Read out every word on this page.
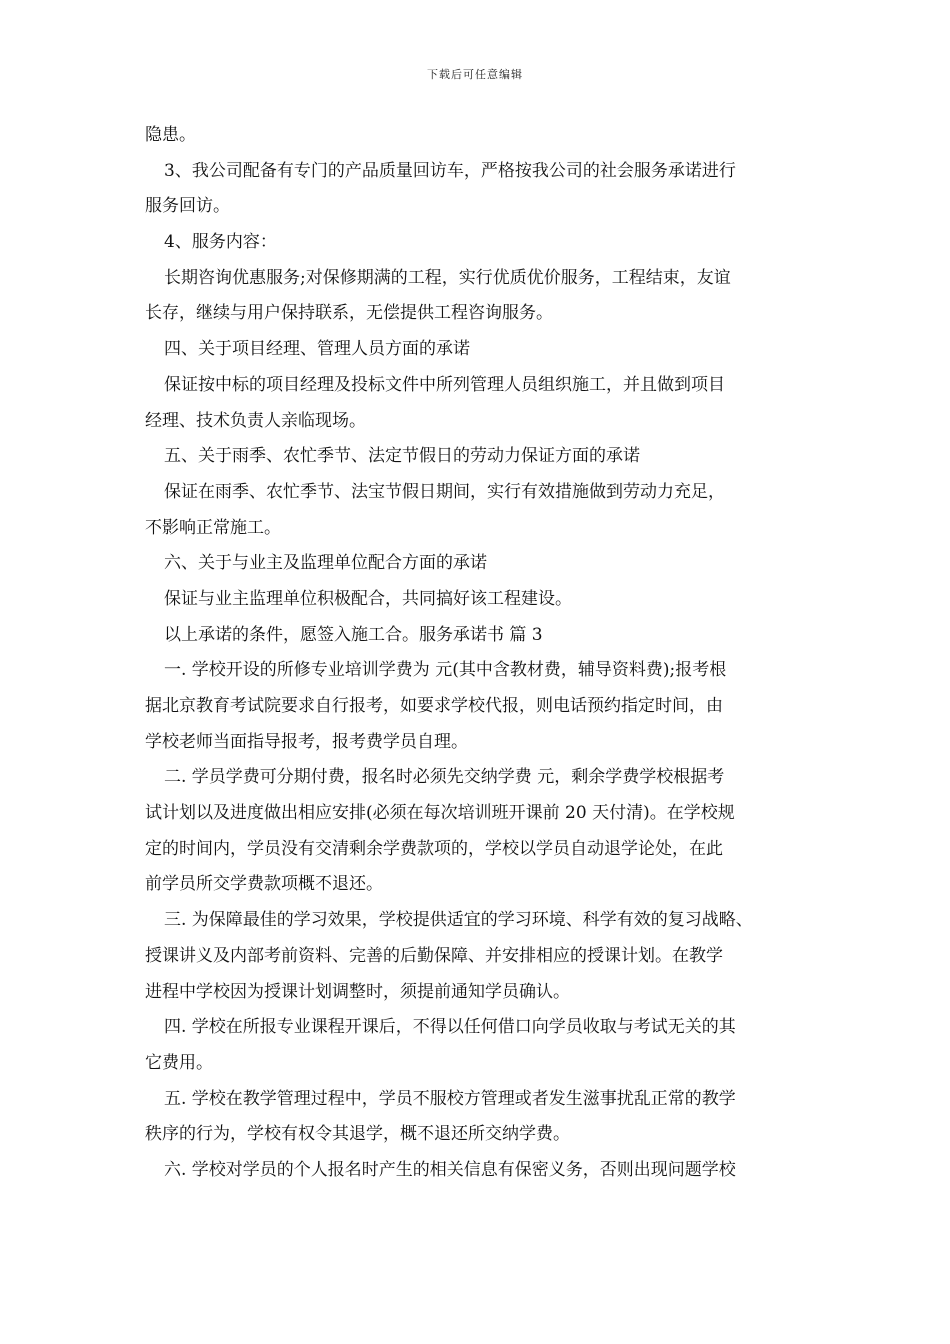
下载后可任意编辑
隐患。
3、我公司配备有专门的产品质量回访车，严格按我公司的社会服务承诺进行
服务回访。
4、服务内容：
长期咨询优惠服务;对保修期满的工程，实行优质优价服务，工程结束，友谊
长存，继续与用户保持联系，无偿提供工程咨询服务。
四、关于项目经理、管理人员方面的承诺
保证按中标的项目经理及投标文件中所列管理人员组织施工，并且做到项目
经理、技术负责人亲临现场。
五、关于雨季、农忙季节、法定节假日的劳动力保证方面的承诺
保证在雨季、农忙季节、法宝节假日期间，实行有效措施做到劳动力充足，
不影响正常施工。
六、关于与业主及监理单位配合方面的承诺
保证与业主监理单位积极配合，共同搞好该工程建设。
以上承诺的条件，愿签入施工合。服务承诺书 篇 3
一. 学校开设的所修专业培训学费为 元(其中含教材费，辅导资料费);报考根
据北京教育考试院要求自行报考，如要求学校代报，则电话预约指定时间，由
学校老师当面指导报考，报考费学员自理。
二. 学员学费可分期付费，报名时必须先交纳学费 元，剩余学费学校根据考
试计划以及进度做出相应安排(必须在每次培训班开课前 20 天付清)。在学校规
定的时间内，学员没有交清剩余学费款项的，学校以学员自动退学论处，在此
前学员所交学费款项概不退还。
三. 为保障最佳的学习效果，学校提供适宜的学习环境、科学有效的复习战略、
授课讲义及内部考前资料、完善的后勤保障、并安排相应的授课计划。在教学
进程中学校因为授课计划调整时，须提前通知学员确认。
四. 学校在所报专业课程开课后，不得以任何借口向学员收取与考试无关的其
它费用。
五. 学校在教学管理过程中，学员不服校方管理或者发生滋事扰乱正常的教学
秩序的行为，学校有权令其退学，概不退还所交纳学费。
六. 学校对学员的个人报名时产生的相关信息有保密义务，否则出现问题学校
